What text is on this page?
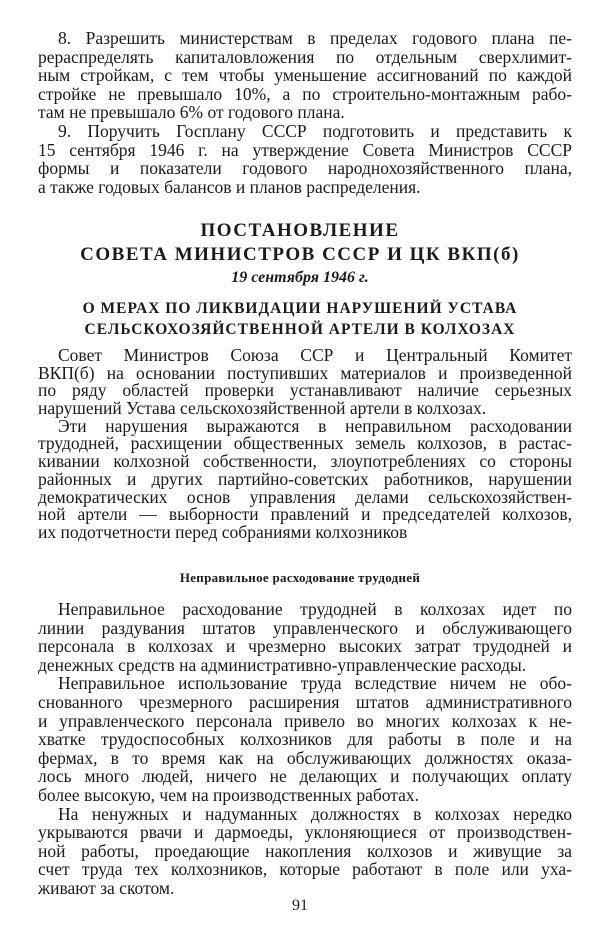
8. Разрешить министерствам в пределах годового плана пе-
рераспределять капиталовложения по отдельным сверхлимит-
ным стройкам, с тем чтобы уменьшение ассигнований по каждой
стройке не превышало 10%, а по строительно-монтажным рабо-
там не превышало 6% от годового плана.
9. Поручить Госплану СССР подготовить и представить к
15 сентября 1946 г. на утверждение Совета Министров СССР
формы и показатели годового народнохозяйственного плана,
а также годовых балансов и планов распределения.
ПОСТАНОВЛЕНИЕ
СОВЕТА МИНИСТРОВ СССР И ЦК ВКП(б)
19 сентября 1946 г.
О МЕРАХ ПО ЛИКВИДАЦИИ НАРУШЕНИЙ УСТАВА
СЕЛЬСКОХОЗЯЙСТВЕННОЙ АРТЕЛИ В КОЛХОЗАХ
Совет Министров Союза ССР и Центральный Комитет
ВКП(б) на основании поступивших материалов и произведенной
по ряду областей проверки устанавливают наличие серьезных
нарушений Устава сельскохозяйственной артели в колхозах.
Эти нарушения выражаются в неправильном расходовании
трудодней, расхищении общественных земель колхозов, в растас-
кивании колхозной собственности, злоупотреблениях со стороны
районных и других партийно-советских работников, нарушении
демократических основ управления делами сельскохозяйствен-
ной артели — выборности правлений и председателей колхозов,
их подотчетности перед собраниями колхозников
Неправильное расходование трудодней
Неправильное расходование трудодней в колхозах идет по
линии раздувания штатов управленческого и обслуживающего
персонала в колхозах и чрезмерно высоких затрат трудодней и
денежных средств на административно-управленческие расходы.
Неправильное использование труда вследствие ничем не обо-
снованного чрезмерного расширения штатов административного
и управленческого персонала привело во многих колхозах к не-
хватке трудоспособных колхозников для работы в поле и на
фермах, в то время как на обслуживающих должностях оказа-
лось много людей, ничего не делающих и получающих оплату
более высокую, чем на производственных работах.
На ненужных и надуманных должностях в колхозах нередко
укрываются рвачи и дармоеды, уклоняющиеся от производствен-
ной работы, проедающие накопления колхозов и живущие за
счет труда тех колхозников, которые работают в поле или уха-
живают за скотом.
91
